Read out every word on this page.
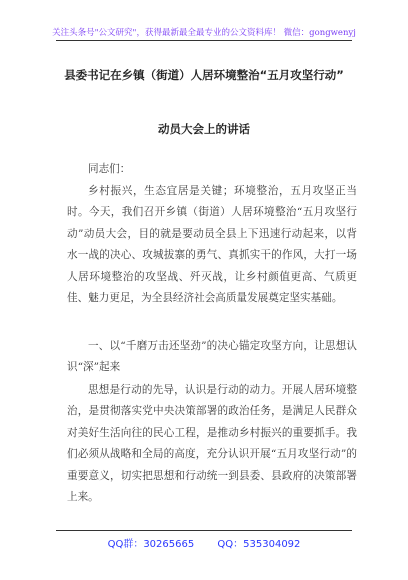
关注头条号"公文研究"，获得最新最全最专业的公文资料库！ 微信：gongwenyj
县委书记在乡镇（街道）人居环境整治“五月攻坚行动”
动员大会上的讲话

同志们：

乡村振兴，生态宜居是关键；环境整治，五月攻坚正当时。今天，我们召开乡镇（街道）人居环境整治“五月攻坚行动”动员大会，目的就是要动员全县上下迅速行动起来，以背水一战的决心、攻城拔寨的勇气、真抓实干的作风，大打一场人居环境整治的攻坚战、歼灭战，让乡村颜值更高、气质更佳、魅力更足，为全县经济社会高质量发展奠定坚实基础。

一、以“千磨万击还坚劲”的决心锚定攻坚方向，让思想认识“深”起来

思想是行动的先导，认识是行动的动力。开展人居环境整治，是贯彻落实党中央决策部署的政治任务，是满足人民群众对美好生活向往的民心工程，是推动乡村振兴的重要抓手。我们必须从战略和全局的高度，充分认识开展“五月攻坚行动”的重要意义，切实把思想和行动统一到县委、县政府的决策部署上来。

QQ群：30265665 QQ：535304092
